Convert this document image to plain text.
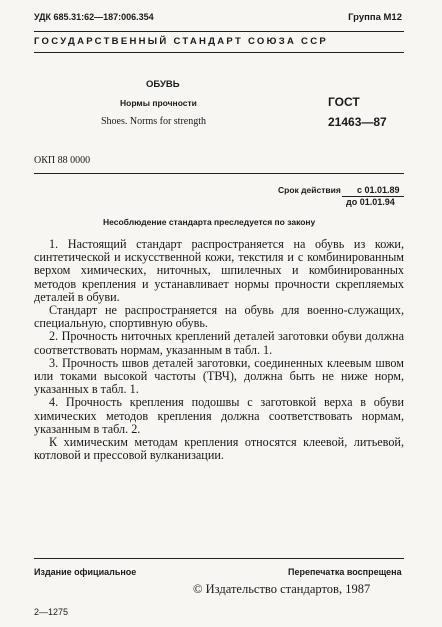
УДК 685.31:62—187:006.354	Группа М12
ГОСУДАРСТВЕННЫЙ СТАНДАРТ СОЮЗА ССР
ОБУВЬ
Нормы прочности
Shoes. Norms for strength
ГОСТ
21463—87
ОКП 88 0000
Срок действия с 01.01.89
до 01.01.94
Несоблюдение стандарта преследуется по закону

1. Настоящий стандарт распространяется на обувь из кожи, синтетической и искусственной кожи, текстиля и с комбинированным верхом химических, ниточных, шпилечных и комбинированных методов крепления и устанавливает нормы прочности скрепляемых деталей в обуви.

Стандарт не распространяется на обувь для военно-служащих, специальную, спортивную обувь.

2. Прочность ниточных креплений деталей заготовки обуви должна соответствовать нормам, указанным в табл. 1.

3. Прочность швов деталей заготовки, соединенных клеевым швом или токами высокой частоты (ТВЧ), должна быть не ниже норм, указанных в табл. 1.

4. Прочность крепления подошвы с заготовкой верха в обуви химических методов крепления должна соответствовать нормам, указанным в табл. 2.

К химическим методам крепления относятся клеевой, литьевой, котловой и прессовой вулканизации.

Издание официальное	Перепечатка воспрещена
© Издательство стандартов, 1987
2—1275
